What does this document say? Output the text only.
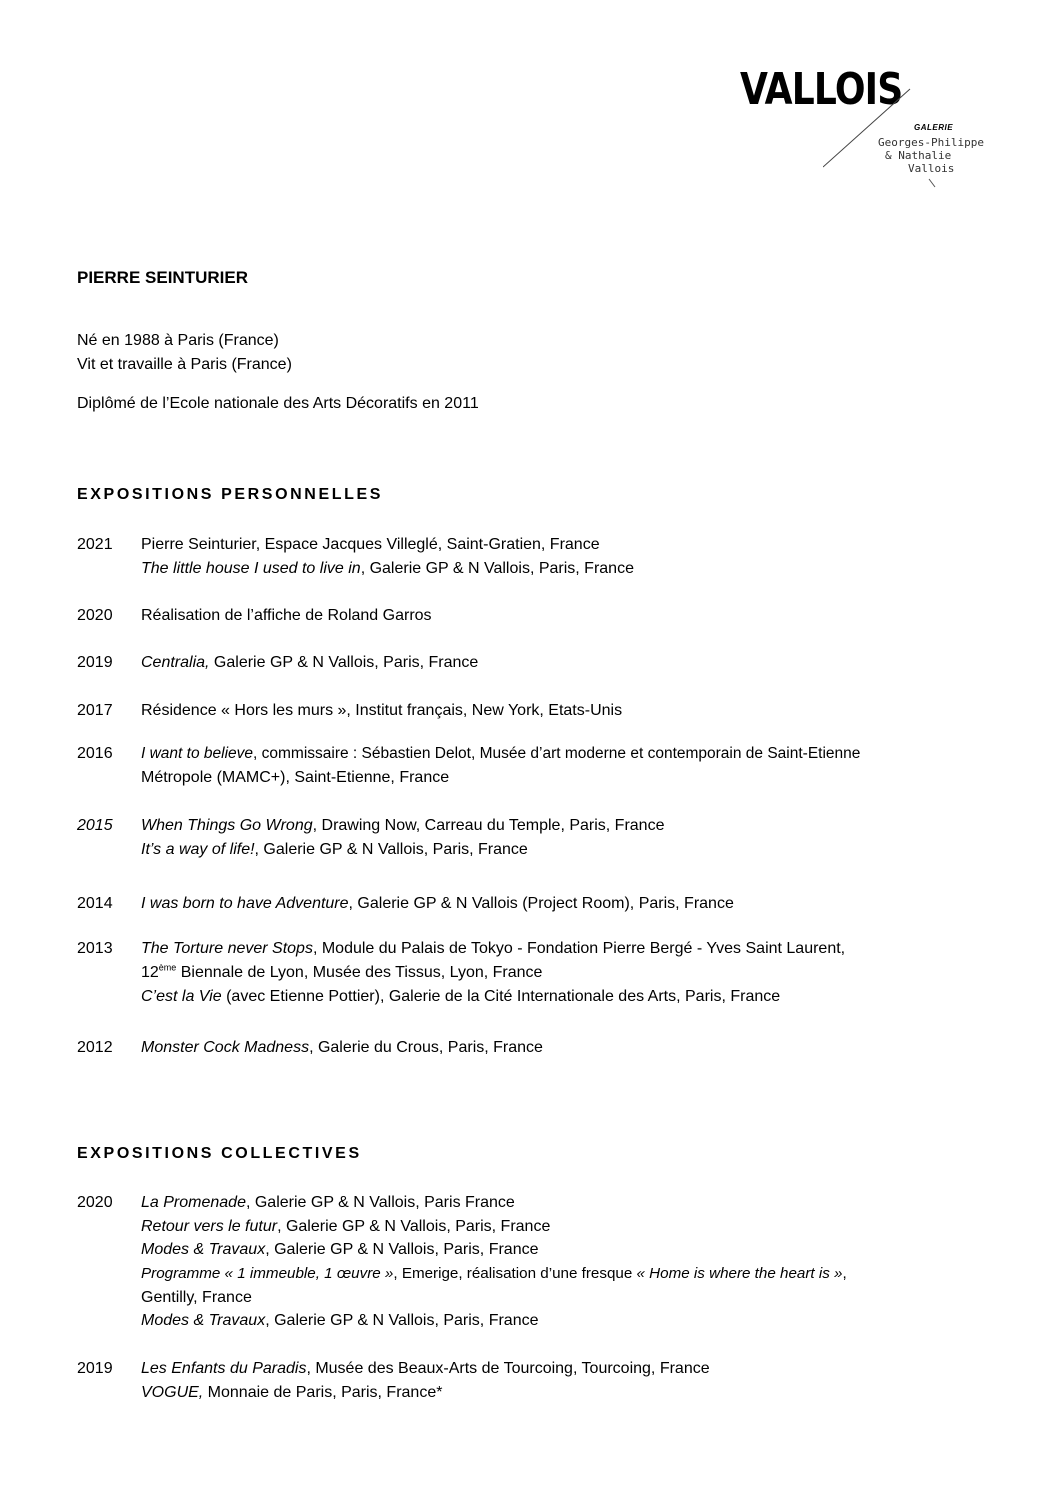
VALLOIS
GALERIE
Georges-Philippe
& Nathalie
Vallois
PIERRE SEINTURIER
Né en 1988 à Paris (France)
Vit et travaille à Paris (France)
Diplômé de l’Ecole nationale des Arts Décoratifs en 2011
EXPOSITIONS PERSONNELLES
2021 Pierre Seinturier, Espace Jacques Villeglé, Saint-Gratien, France
The little house I used to live in, Galerie GP & N Vallois, Paris, France
2020 Réalisation de l’affiche de Roland Garros
2019 Centralia, Galerie GP & N Vallois, Paris, France
2017 Résidence « Hors les murs », Institut français, New York, Etats-Unis
2016 I want to believe, commissaire : Sébastien Delot, Musée d’art moderne et contemporain de Saint-Etienne
Métropole (MAMC+), Saint-Etienne, France
2015 When Things Go Wrong, Drawing Now, Carreau du Temple, Paris, France
It’s a way of life!, Galerie GP & N Vallois, Paris, France
2014 I was born to have Adventure, Galerie GP & N Vallois (Project Room), Paris, France
2013 The Torture never Stops, Module du Palais de Tokyo - Fondation Pierre Bergé - Yves Saint Laurent,
12ème Biennale de Lyon, Musée des Tissus, Lyon, France
C’est la Vie (avec Etienne Pottier), Galerie de la Cité Internationale des Arts, Paris, France
2012 Monster Cock Madness, Galerie du Crous, Paris, France
EXPOSITIONS COLLECTIVES
2020 La Promenade, Galerie GP & N Vallois, Paris France
Retour vers le futur, Galerie GP & N Vallois, Paris, France
Modes & Travaux, Galerie GP & N Vallois, Paris, France
Programme « 1 immeuble, 1 œuvre », Emerige, réalisation d’une fresque « Home is where the heart is »,
Gentilly, France
Modes & Travaux, Galerie GP & N Vallois, Paris, France
2019 Les Enfants du Paradis, Musée des Beaux-Arts de Tourcoing, Tourcoing, France
VOGUE, Monnaie de Paris, Paris, France*
